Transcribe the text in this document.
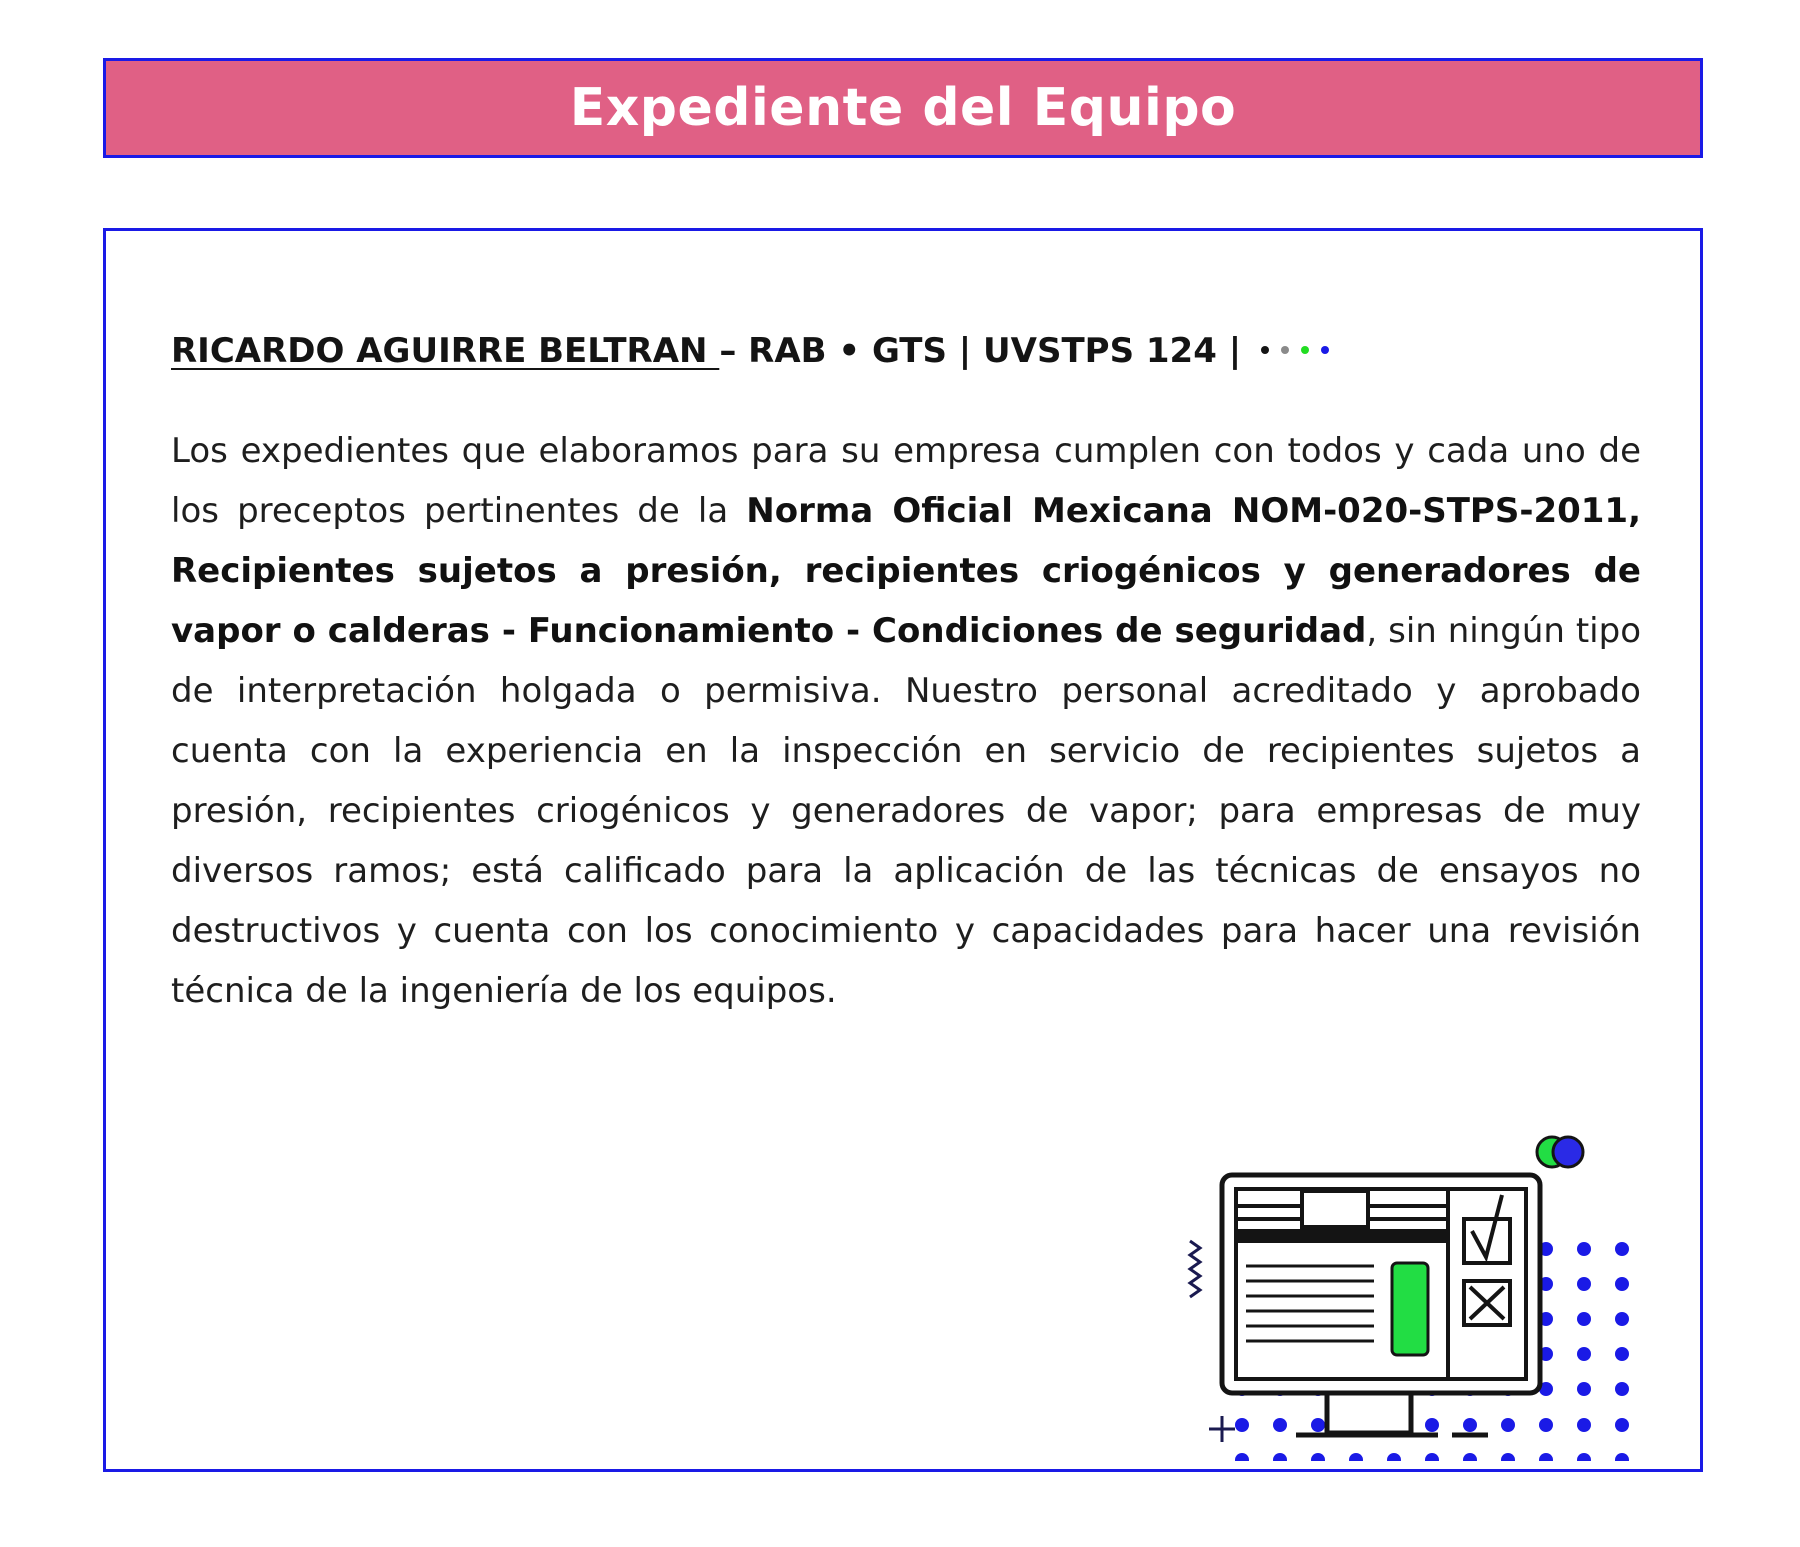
Expediente del Equipo
RICARDO AGUIRRE BELTRAN – RAB • GTS | UVSTPS 124 |

Los expedientes que elaboramos para su empresa cumplen con todos y cada uno de los preceptos pertinentes de la Norma Oficial Mexicana NOM-020-STPS-2011, Recipientes sujetos a presión, recipientes criogénicos y generadores de vapor o calderas - Funcionamiento - Condiciones de seguridad, sin ningún tipo de interpretación holgada o permisiva. Nuestro personal acreditado y aprobado cuenta con la experiencia en la inspección en servicio de recipientes sujetos a presión, recipientes criogénicos y generadores de vapor; para empresas de muy diversos ramos; está calificado para la aplicación de las técnicas de ensayos no destructivos y cuenta con los conocimiento y capacidades para hacer una revisión técnica de la ingeniería de los equipos.
